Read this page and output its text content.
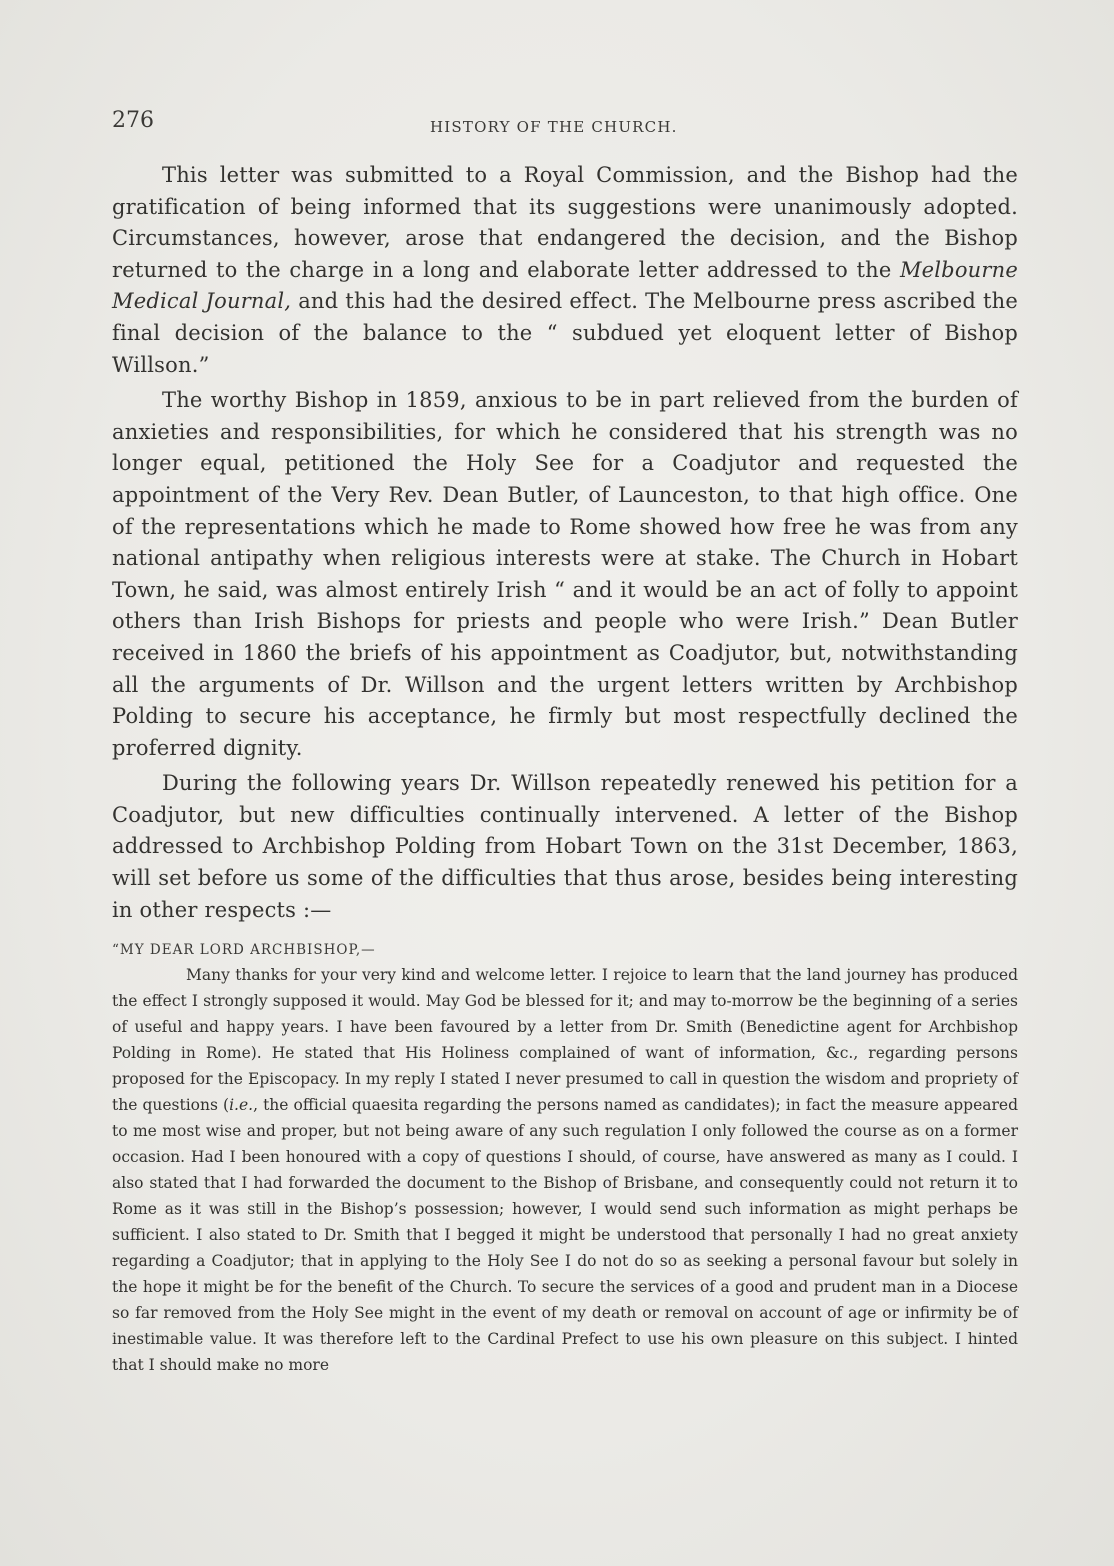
276	HISTORY OF THE CHURCH.

This letter was submitted to a Royal Commission, and the Bishop had the gratification of being informed that its suggestions were unanimously adopted. Circumstances, however, arose that endangered the decision, and the Bishop returned to the charge in a long and elaborate letter addressed to the Melbourne Medical Journal, and this had the desired effect. The Melbourne press ascribed the final decision of the balance to the “ subdued yet eloquent letter of Bishop Willson.”

The worthy Bishop in 1859, anxious to be in part relieved from the burden of anxieties and responsibilities, for which he considered that his strength was no longer equal, petitioned the Holy See for a Coadjutor and requested the appointment of the Very Rev. Dean Butler, of Launceston, to that high office. One of the representations which he made to Rome showed how free he was from any national antipathy when religious interests were at stake. The Church in Hobart Town, he said, was almost entirely Irish “ and it would be an act of folly to appoint others than Irish Bishops for priests and people who were Irish.” Dean Butler received in 1860 the briefs of his appointment as Coadjutor, but, notwithstanding all the arguments of Dr. Willson and the urgent letters written by Archbishop Polding to secure his acceptance, he firmly but most respectfully declined the proferred dignity.

During the following years Dr. Willson repeatedly renewed his petition for a Coadjutor, but new difficulties continually intervened. A letter of the Bishop addressed to Archbishop Polding from Hobart Town on the 31st December, 1863, will set before us some of the difficulties that thus arose, besides being interesting in other respects :—

“MY DEAR LORD ARCHBISHOP,—

Many thanks for your very kind and welcome letter. I rejoice to learn that the land journey has produced the effect I strongly supposed it would. May God be blessed for it; and may to-morrow be the beginning of a series of useful and happy years. I have been favoured by a letter from Dr. Smith (Benedictine agent for Archbishop Polding in Rome). He stated that His Holiness complained of want of information, &c., regarding persons proposed for the Episcopacy. In my reply I stated I never presumed to call in question the wisdom and propriety of the questions (i.e., the official quaesita regarding the persons named as candidates); in fact the measure appeared to me most wise and proper, but not being aware of any such regulation I only followed the course as on a former occasion. Had I been honoured with a copy of questions I should, of course, have answered as many as I could. I also stated that I had forwarded the document to the Bishop of Brisbane, and consequently could not return it to Rome as it was still in the Bishop’s possession; however, I would send such information as might perhaps be sufficient. I also stated to Dr. Smith that I begged it might be understood that personally I had no great anxiety regarding a Coadjutor; that in applying to the Holy See I do not do so as seeking a personal favour but solely in the hope it might be for the benefit of the Church. To secure the services of a good and prudent man in a Diocese so far removed from the Holy See might in the event of my death or removal on account of age or infirmity be of inestimable value. It was therefore left to the Cardinal Prefect to use his own pleasure on this subject. I hinted that I should make no more
